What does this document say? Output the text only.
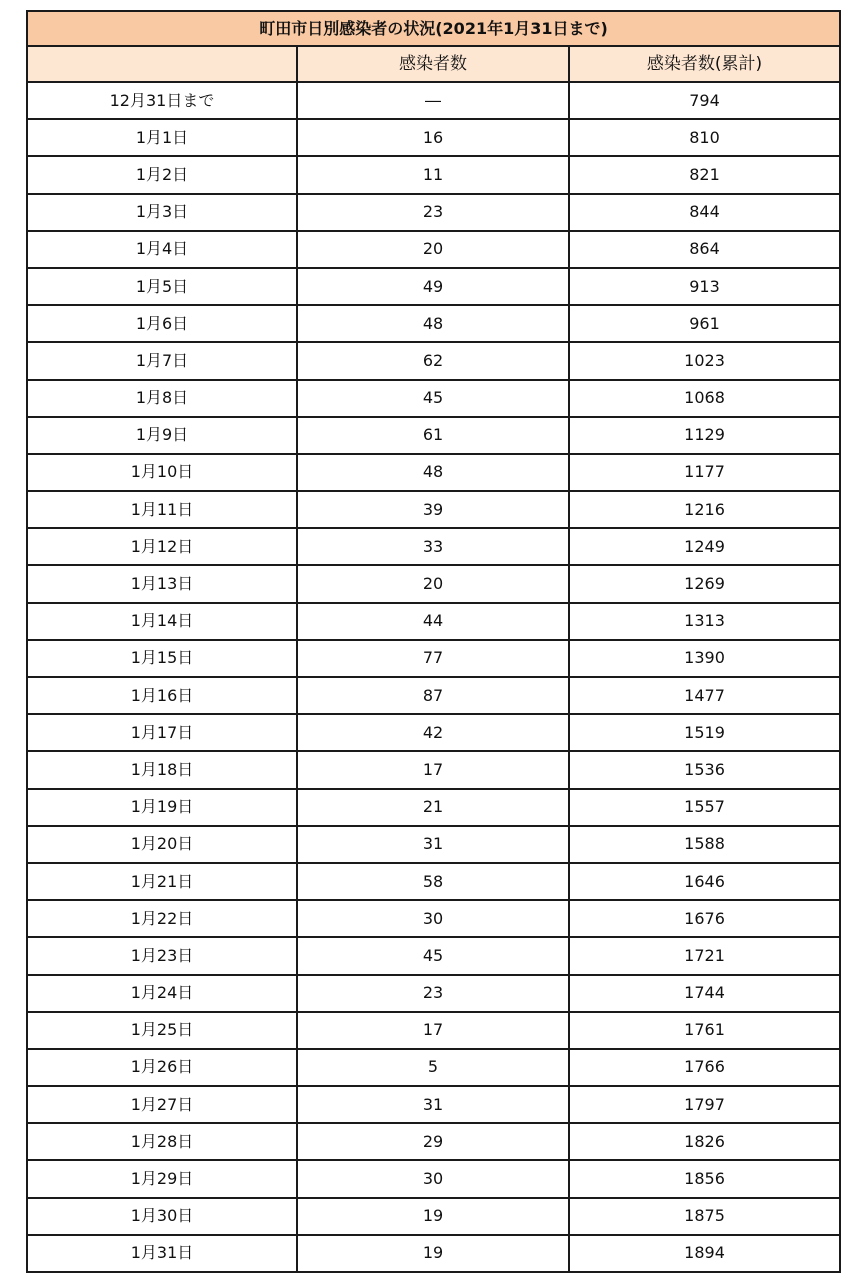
町田市日別感染者の状況(2021年1月31日まで)		
	感染者数	感染者数(累計)
12月31日まで	―	794
1月1日	16	810
1月2日	11	821
1月3日	23	844
1月4日	20	864
1月5日	49	913
1月6日	48	961
1月7日	62	1023
1月8日	45	1068
1月9日	61	1129
1月10日	48	1177
1月11日	39	1216
1月12日	33	1249
1月13日	20	1269
1月14日	44	1313
1月15日	77	1390
1月16日	87	1477
1月17日	42	1519
1月18日	17	1536
1月19日	21	1557
1月20日	31	1588
1月21日	58	1646
1月22日	30	1676
1月23日	45	1721
1月24日	23	1744
1月25日	17	1761
1月26日	5	1766
1月27日	31	1797
1月28日	29	1826
1月29日	30	1856
1月30日	19	1875
1月31日	19	1894
